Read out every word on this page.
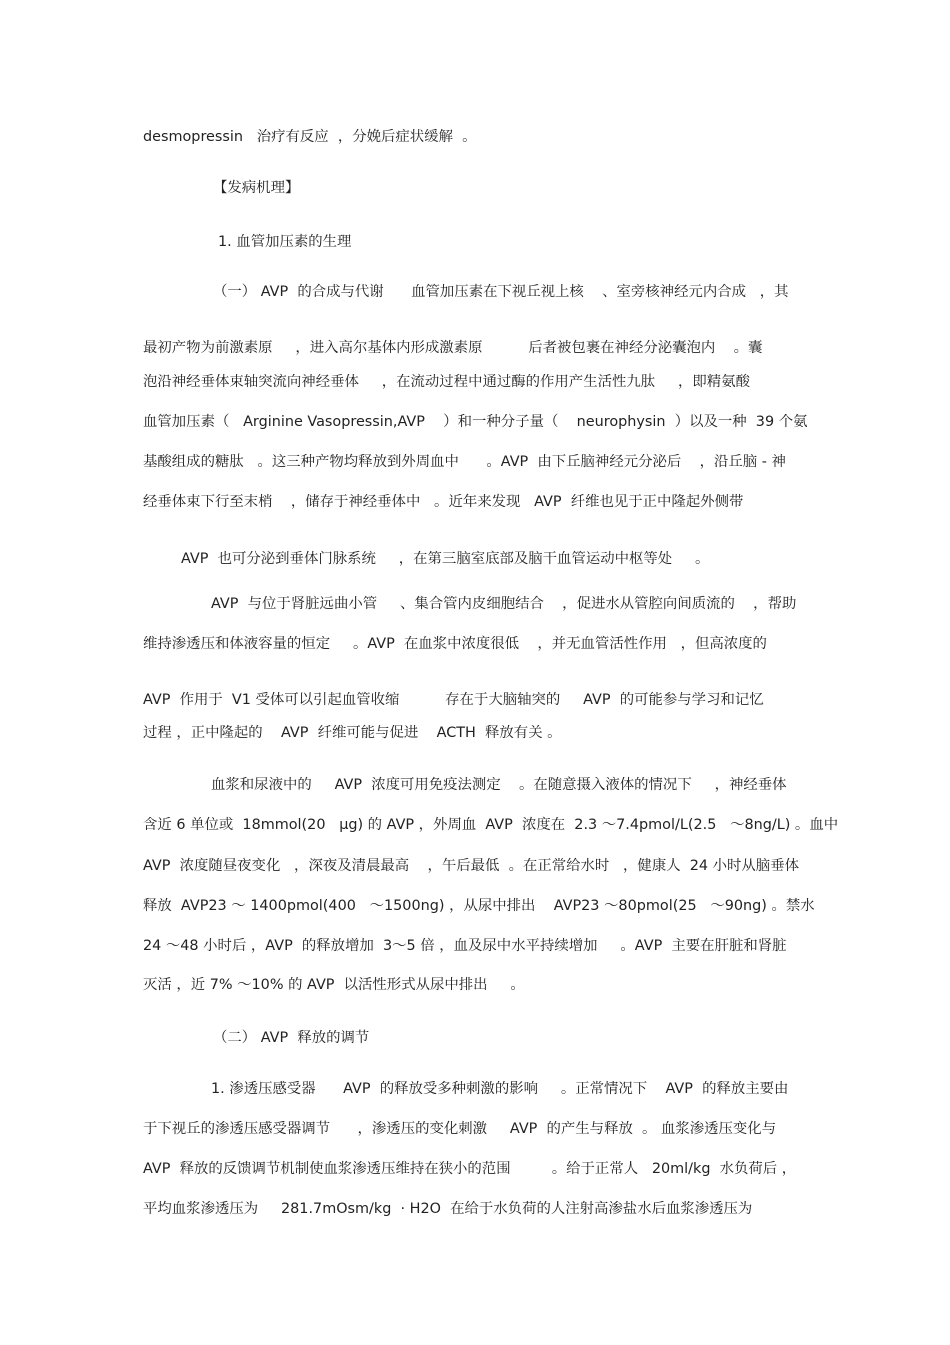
desmopressin   治疗有反应  ，分娩后症状缓解  。

【发病机理】

1. 血管加压素的生理

（一） AVP  的合成与代谢      血管加压素在下视丘视上核    、室旁核神经元内合成   ，其

最初产物为前激素原     ，进入高尔基体内形成激素原          后者被包裹在神经分泌囊泡内    。囊

泡沿神经垂体束轴突流向神经垂体     ，在流动过程中通过酶的作用产生活性九肽     ，即精氨酸

血管加压素（   Arginine Vasopressin,AVP    ）和一种分子量（    neurophysin  ）以及一种  39 个氨

基酸组成的糖肽   。这三种产物均释放到外周血中      。AVP  由下丘脑神经元分泌后    ，沿丘脑 - 神

经垂体束下行至末梢    ，储存于神经垂体中   。近年来发现   AVP  纤维也见于正中隆起外侧带

AVP  也可分泌到垂体门脉系统     ，在第三脑室底部及脑干血管运动中枢等处     。

AVP  与位于肾脏远曲小管     、集合管内皮细胞结合    ，促进水从管腔向间质流的    ，帮助

维持渗透压和体液容量的恒定     。AVP  在血浆中浓度很低    ，并无血管活性作用   ，但高浓度的

AVP  作用于  V1 受体可以引起血管收缩          存在于大脑轴突的     AVP  的可能参与学习和记忆

过程 ，正中隆起的    AVP  纤维可能与促进    ACTH  释放有关 。

血浆和尿液中的     AVP  浓度可用免疫法测定    。在随意摄入液体的情况下     ，神经垂体

含近 6 单位或  18mmol(20   μg) 的 AVP ，外周血  AVP  浓度在  2.3 ～7.4pmol/L(2.5   ～8ng/L) 。血中

AVP  浓度随昼夜变化   ，深夜及清晨最高    ，午后最低  。在正常给水时   ，健康人  24 小时从脑垂体

释放  AVP23 ～ 1400pmol(400   ～1500ng) ，从尿中排出    AVP23 ～80pmol(25   ～90ng) 。禁水

24 ～48 小时后 ，AVP  的释放增加  3～5 倍 ，血及尿中水平持续增加     。AVP  主要在肝脏和肾脏

灭活 ，近 7% ～10% 的 AVP  以活性形式从尿中排出     。

（二） AVP  释放的调节

1. 渗透压感受器      AVP  的释放受多种刺激的影响     。正常情况下    AVP  的释放主要由

于下视丘的渗透压感受器调节      ，渗透压的变化刺激     AVP  的产生与释放  。 血浆渗透压变化与

AVP  释放的反馈调节机制使血浆渗透压维持在狭小的范围         。给于正常人   20ml/kg  水负荷后 ，

平均血浆渗透压为     281.7mOsm/kg  · H2O  在给于水负荷的人注射高渗盐水后血浆渗透压为
